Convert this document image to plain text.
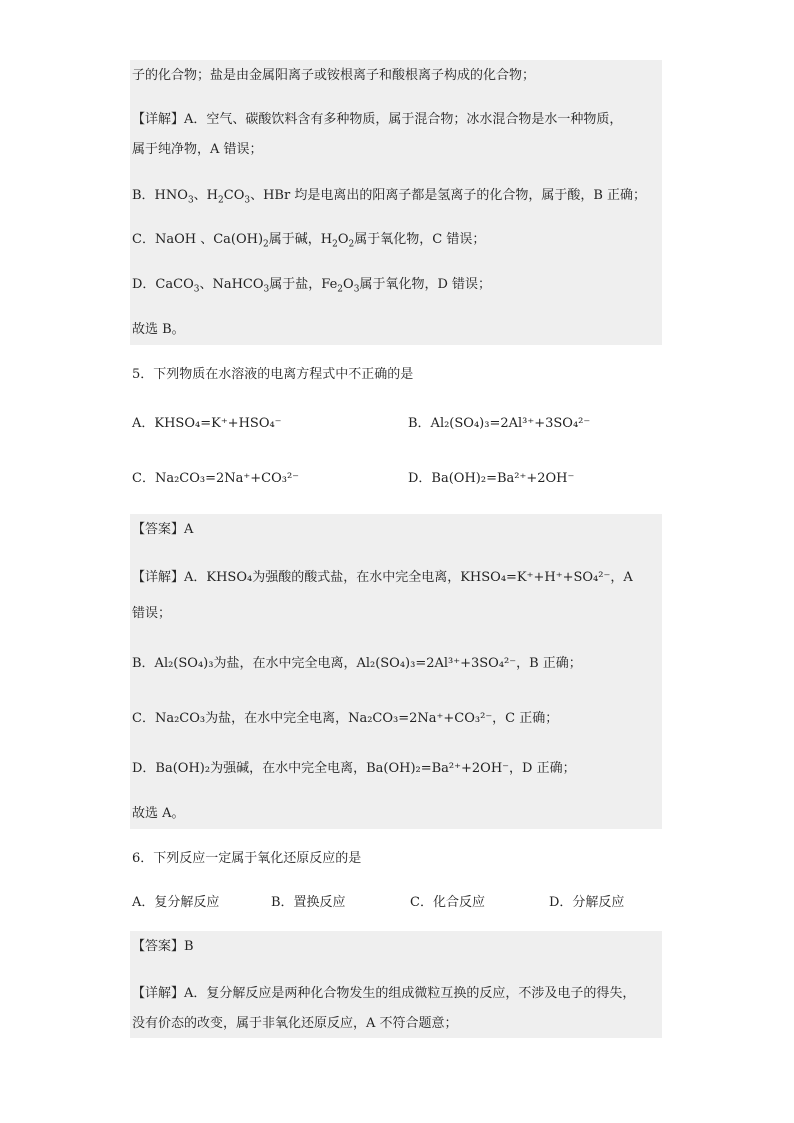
子的化合物；盐是由金属阳离子或铵根离子和酸根离子构成的化合物；
【详解】A．空气、碳酸饮料含有多种物质，属于混合物；冰水混合物是水一种物质，
属于纯净物，A 错误；
B．$HNO_3$、$H_2CO_3$、HBr 均是电离出的阳离子都是氢离子的化合物，属于酸，B 正确；
C．NaOH 、$Ca(OH)_2$属于碱，$H_2O_2$属于氧化物，C 错误；
D．CaCO$_3$、NaHCO$_3$属于盐，$Fe_2O_3$属于氧化物，D 错误；
故选 B。
5．下列物质在水溶液的电离方程式中不正确的是
A．KHSO₄=K⁺+HSO₄⁻	B．Al₂(SO₄)₃=2Al³⁺+3SO₄²⁻
C．Na₂CO₃=2Na⁺+CO₃²⁻	D．Ba(OH)₂=Ba²⁺+2OH⁻
【答案】A
【详解】A．KHSO₄为强酸的酸式盐，在水中完全电离，KHSO₄=K⁺+H⁺+SO₄²⁻，A
错误；
B．Al₂(SO₄)₃为盐，在水中完全电离，Al₂(SO₄)₃=2Al³⁺+3SO₄²⁻，B 正确；
C．Na₂CO₃为盐，在水中完全电离，Na₂CO₃=2Na⁺+CO₃²⁻，C 正确；
D．Ba(OH)₂为强碱，在水中完全电离，Ba(OH)₂=Ba²⁺+2OH⁻，D 正确；
故选 A。
6．下列反应一定属于氧化还原反应的是
A．复分解反应	B．置换反应	C．化合反应	D．分解反应
【答案】B
【详解】A．复分解反应是两种化合物发生的组成微粒互换的反应，不涉及电子的得失，
没有价态的改变，属于非氧化还原反应，A 不符合题意；
